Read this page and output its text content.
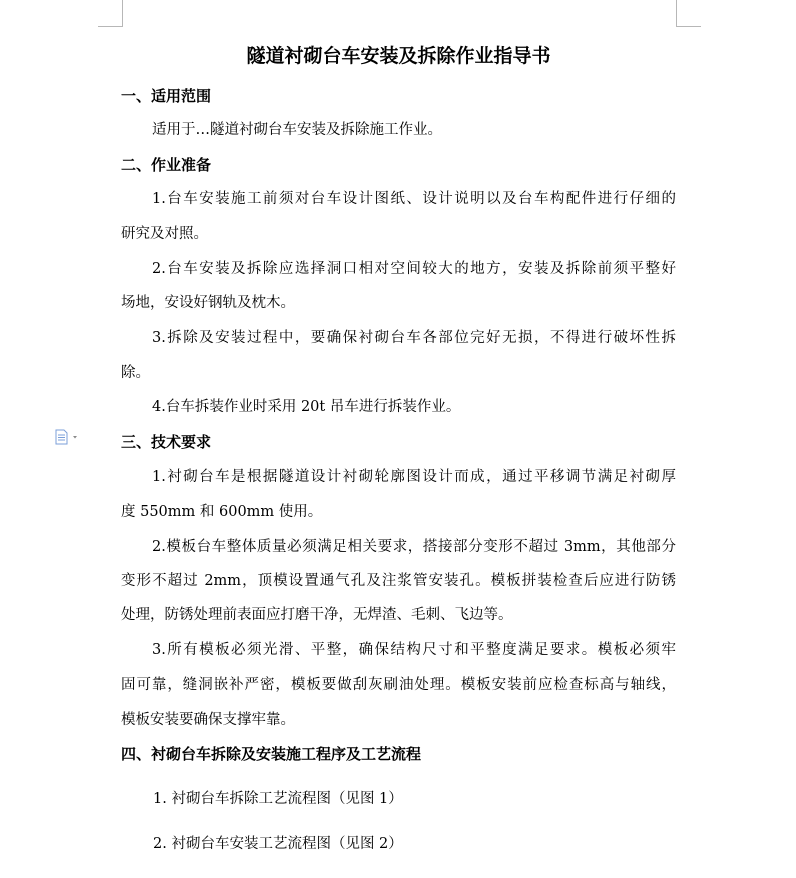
隧道衬砌台车安装及拆除作业指导书
一、适用范围
适用于…隧道衬砌台车安装及拆除施工作业。
二、作业准备
1.台车安装施工前须对台车设计图纸、设计说明以及台车构配件进行仔细的
研究及对照。
2.台车安装及拆除应选择洞口相对空间较大的地方，安装及拆除前须平整好
场地，安设好钢轨及枕木。
3.拆除及安装过程中，要确保衬砌台车各部位完好无损，不得进行破坏性拆
除。
4.台车拆装作业时采用 20t 吊车进行拆装作业。
三、技术要求
1.衬砌台车是根据隧道设计衬砌轮廓图设计而成，通过平移调节满足衬砌厚
度 550mm 和 600mm 使用。
2.模板台车整体质量必须满足相关要求，搭接部分变形不超过 3mm，其他部分
变形不超过 2mm，顶模设置通气孔及注浆管安装孔。模板拼装检查后应进行防锈
处理，防锈处理前表面应打磨干净，无焊渣、毛刺、飞边等。
3.所有模板必须光滑、平整，确保结构尺寸和平整度满足要求。模板必须牢
固可靠，缝洞嵌补严密，模板要做刮灰刷油处理。模板安装前应检查标高与轴线，
模板安装要确保支撑牢靠。
四、衬砌台车拆除及安装施工程序及工艺流程
1. 衬砌台车拆除工艺流程图（见图 1）
2. 衬砌台车安装工艺流程图（见图 2）
